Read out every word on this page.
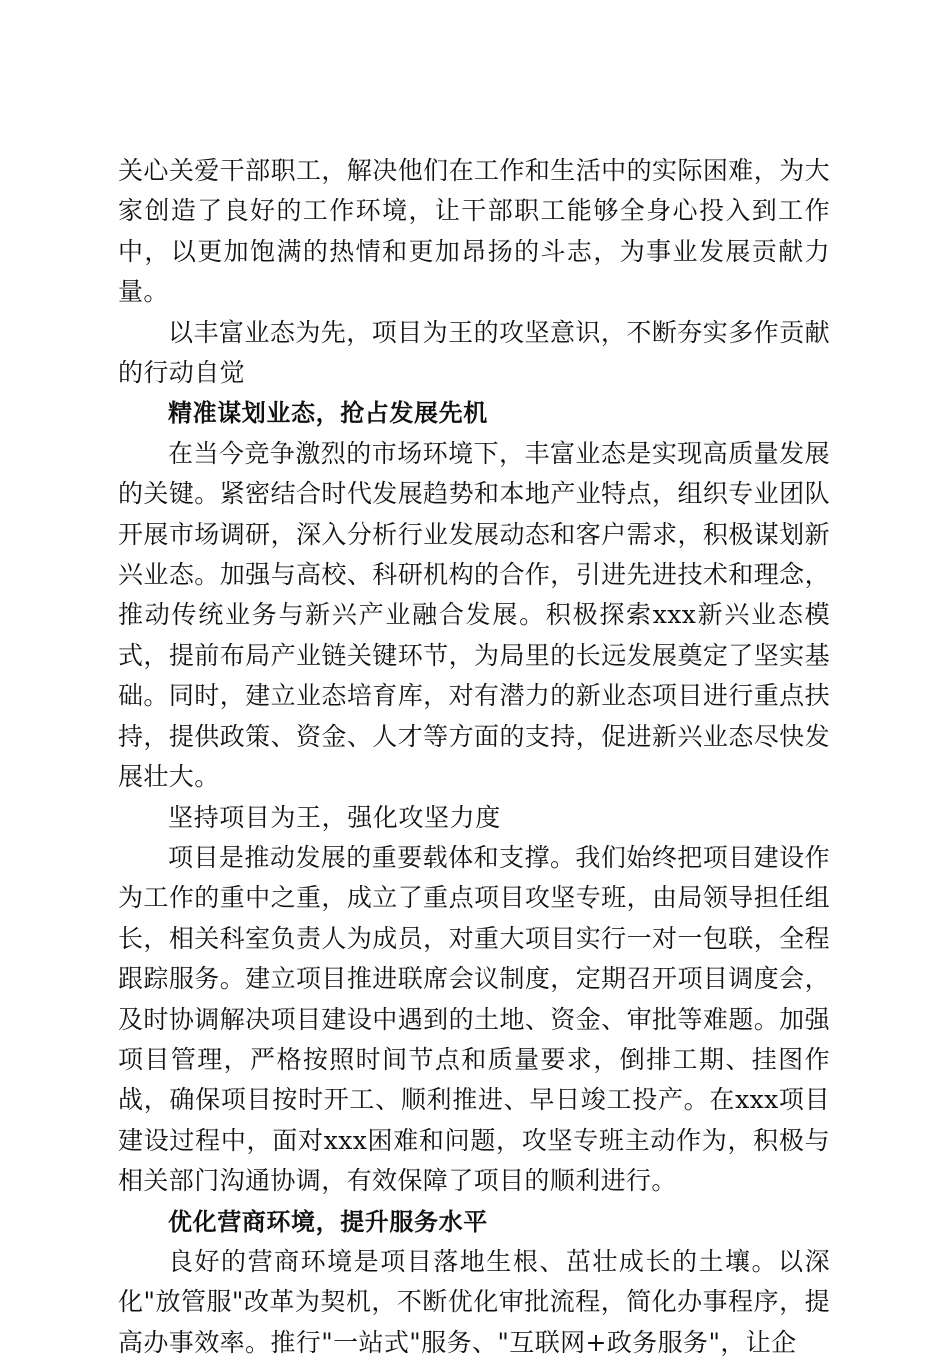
关心关爱干部职工，解决他们在工作和生活中的实际困难，为大家创造了良好的工作环境，让干部职工能够全身心投入到工作中，以更加饱满的热情和更加昂扬的斗志，为事业发展贡献力量。

以丰富业态为先，项目为王的攻坚意识，不断夯实多作贡献的行动自觉

精准谋划业态，抢占发展先机

在当今竞争激烈的市场环境下，丰富业态是实现高质量发展的关键。紧密结合时代发展趋势和本地产业特点，组织专业团队开展市场调研，深入分析行业发展动态和客户需求，积极谋划新兴业态。加强与高校、科研机构的合作，引进先进技术和理念，推动传统业务与新兴产业融合发展。积极探索xxx新兴业态模式，提前布局产业链关键环节，为局里的长远发展奠定了坚实基础。同时，建立业态培育库，对有潜力的新业态项目进行重点扶持，提供政策、资金、人才等方面的支持，促进新兴业态尽快发展壮大。

坚持项目为王，强化攻坚力度

项目是推动发展的重要载体和支撑。我们始终把项目建设作为工作的重中之重，成立了重点项目攻坚专班，由局领导担任组长，相关科室负责人为成员，对重大项目实行一对一包联，全程跟踪服务。建立项目推进联席会议制度，定期召开项目调度会，及时协调解决项目建设中遇到的土地、资金、审批等难题。加强项目管理，严格按照时间节点和质量要求，倒排工期、挂图作战，确保项目按时开工、顺利推进、早日竣工投产。在xxx项目建设过程中，面对xxx困难和问题，攻坚专班主动作为，积极与相关部门沟通协调，有效保障了项目的顺利进行。

优化营商环境，提升服务水平

良好的营商环境是项目落地生根、茁壮成长的土壤。以深化"放管服"改革为契机，不断优化审批流程，简化办事程序，提高办事效率。推行"一站式"服务、"互联网+政务服务"，让企
